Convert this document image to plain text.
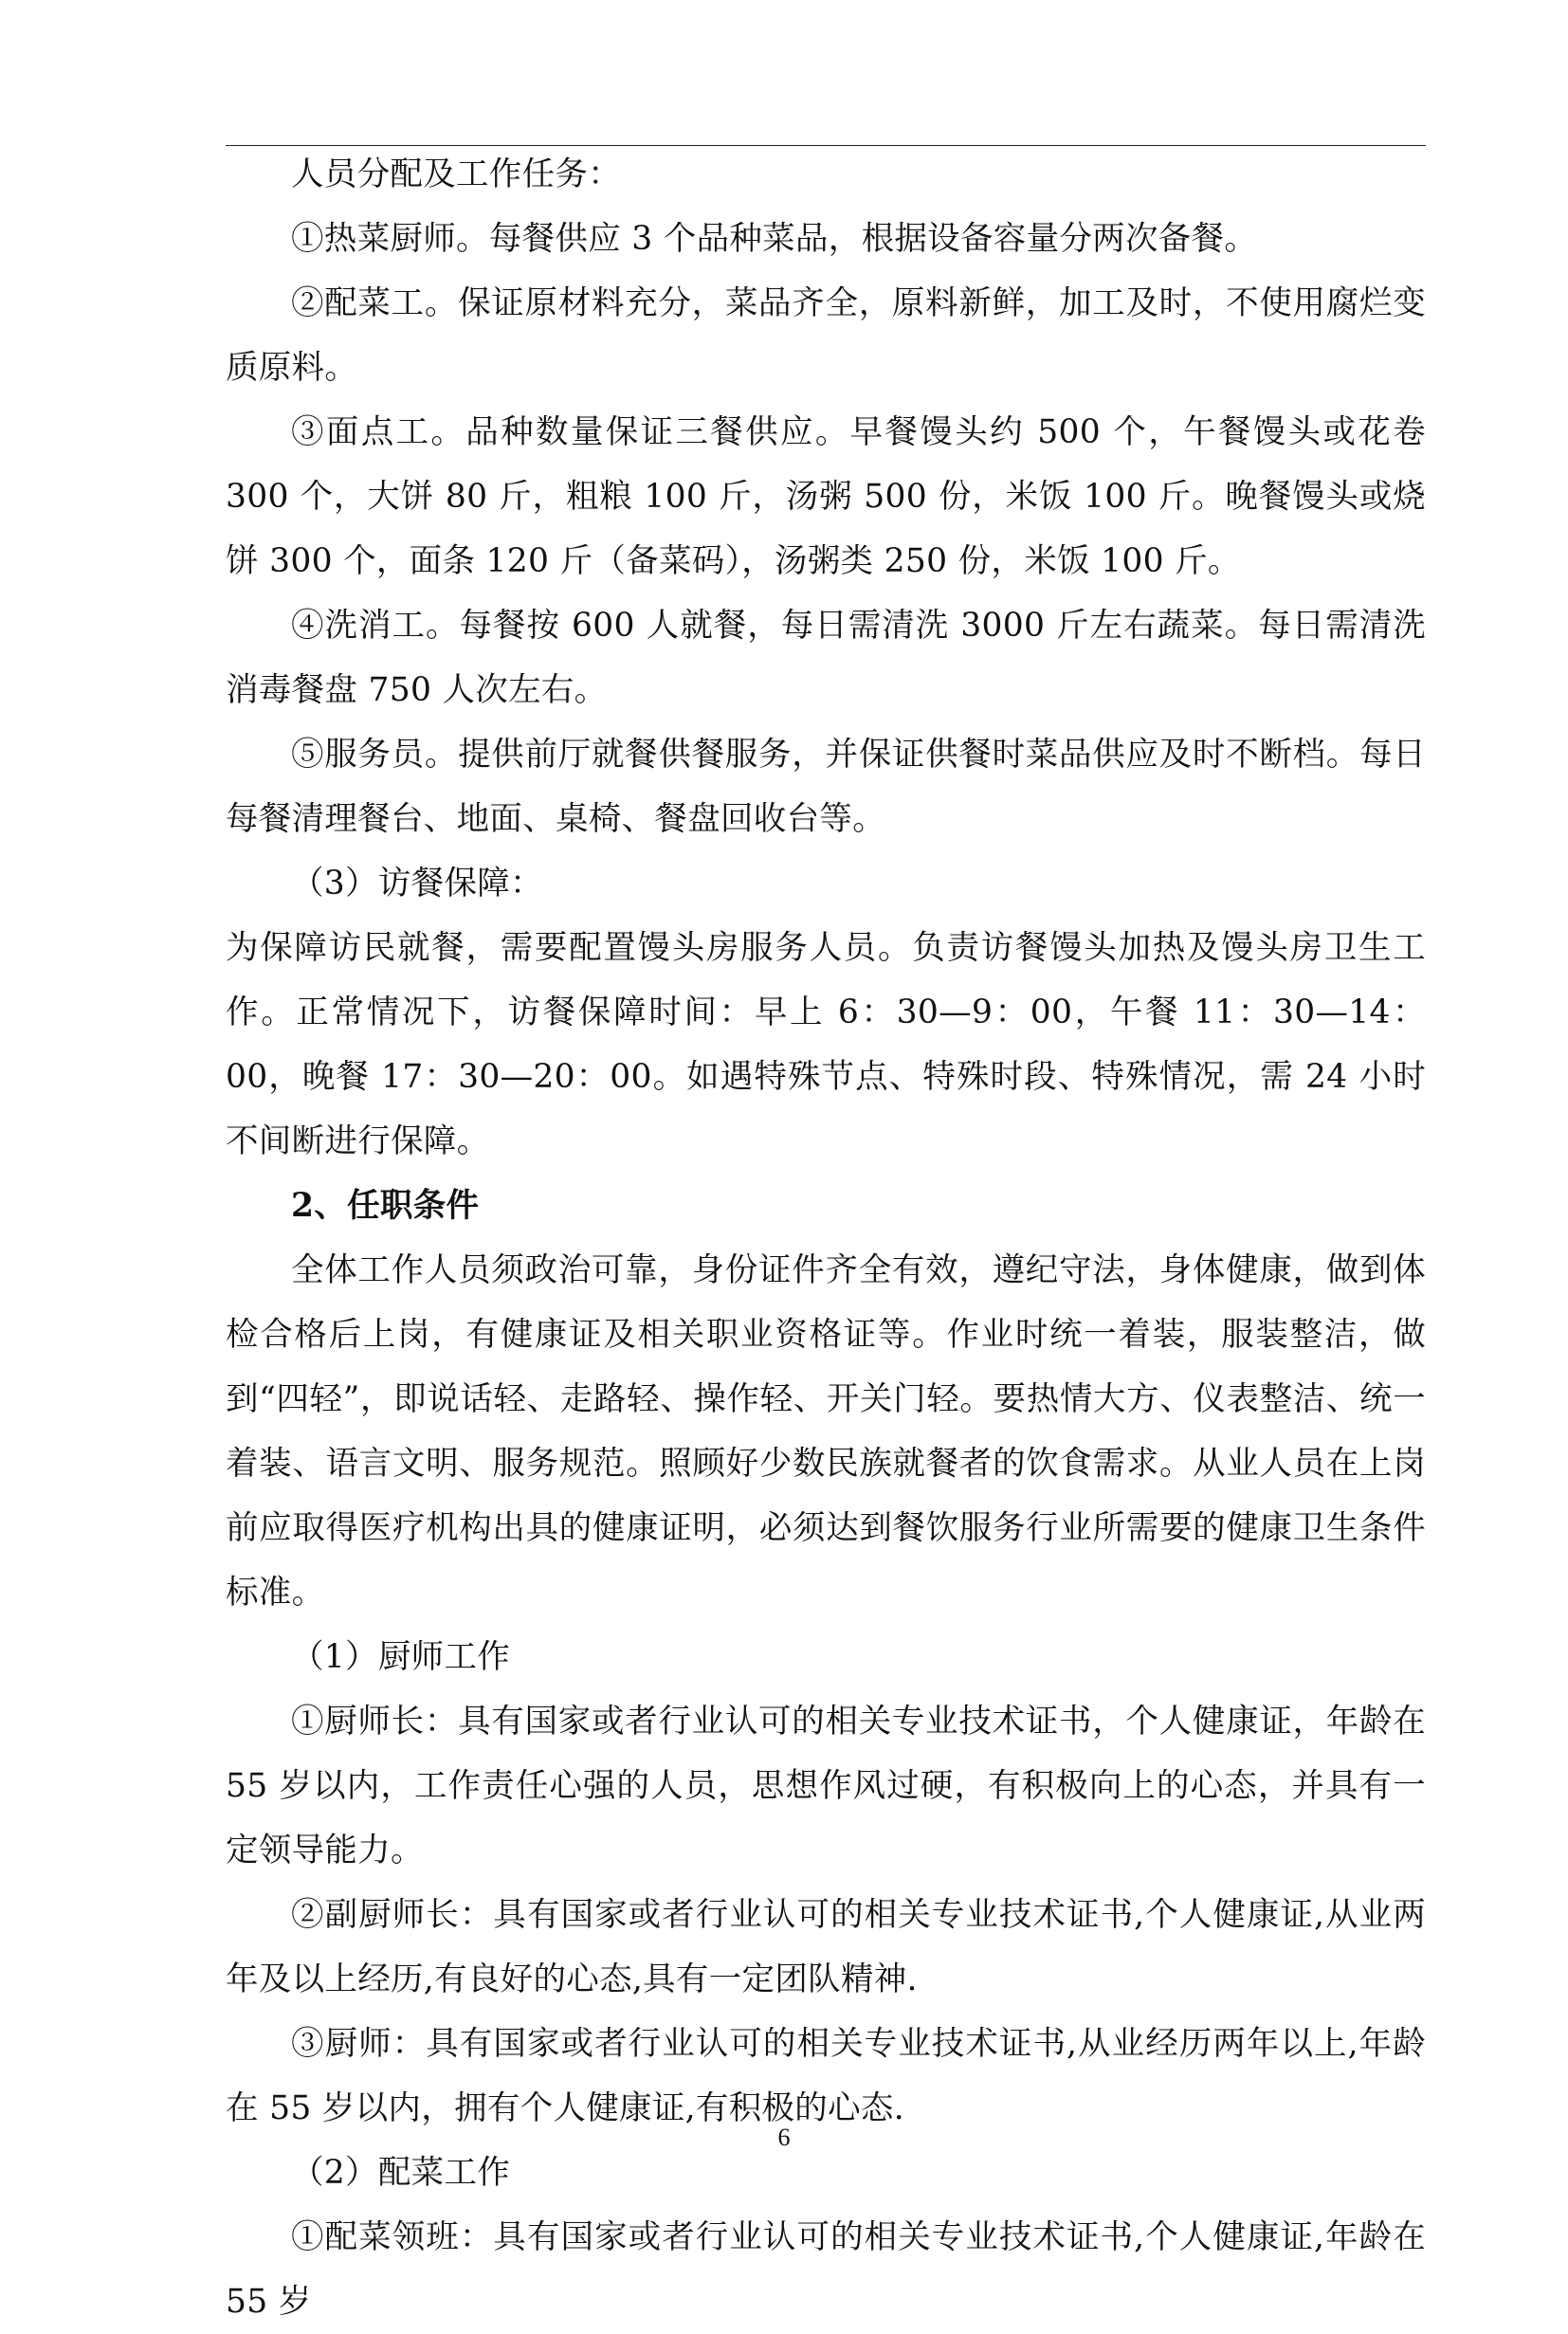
人员分配及工作任务：

①热菜厨师。每餐供应 3 个品种菜品，根据设备容量分两次备餐。

②配菜工。保证原材料充分，菜品齐全，原料新鲜，加工及时，不使用腐烂变质原料。

③面点工。品种数量保证三餐供应。早餐馒头约 500 个，午餐馒头或花卷 300 个，大饼 80 斤，粗粮 100 斤，汤粥 500 份，米饭 100 斤。晚餐馒头或烧饼 300 个，面条 120 斤（备菜码），汤粥类 250 份，米饭 100 斤。

④洗消工。每餐按 600 人就餐，每日需清洗 3000 斤左右蔬菜。每日需清洗消毒餐盘 750 人次左右。

⑤服务员。提供前厅就餐供餐服务，并保证供餐时菜品供应及时不断档。每日每餐清理餐台、地面、桌椅、餐盘回收台等。

（3）访餐保障：

为保障访民就餐，需要配置馒头房服务人员。负责访餐馒头加热及馒头房卫生工作。正常情况下，访餐保障时间：早上 6：30—9：00，午餐 11：30—14：00，晚餐 17：30—20：00。如遇特殊节点、特殊时段、特殊情况，需 24 小时不间断进行保障。

2、任职条件

全体工作人员须政治可靠，身份证件齐全有效，遵纪守法，身体健康，做到体检合格后上岗，有健康证及相关职业资格证等。作业时统一着装，服装整洁，做到“四轻”，即说话轻、走路轻、操作轻、开关门轻。要热情大方、仪表整洁、统一着装、语言文明、服务规范。照顾好少数民族就餐者的饮食需求。从业人员在上岗前应取得医疗机构出具的健康证明，必须达到餐饮服务行业所需要的健康卫生条件标准。

（1）厨师工作

①厨师长：具有国家或者行业认可的相关专业技术证书，个人健康证，年龄在 55 岁以内，工作责任心强的人员，思想作风过硬，有积极向上的心态，并具有一定领导能力。

②副厨师长：具有国家或者行业认可的相关专业技术证书,个人健康证,从业两年及以上经历,有良好的心态,具有一定团队精神.

③厨师：具有国家或者行业认可的相关专业技术证书,从业经历两年以上,年龄在 55 岁以内，拥有个人健康证,有积极的心态.

（2）配菜工作

①配菜领班：具有国家或者行业认可的相关专业技术证书,个人健康证,年龄在 55 岁

6
